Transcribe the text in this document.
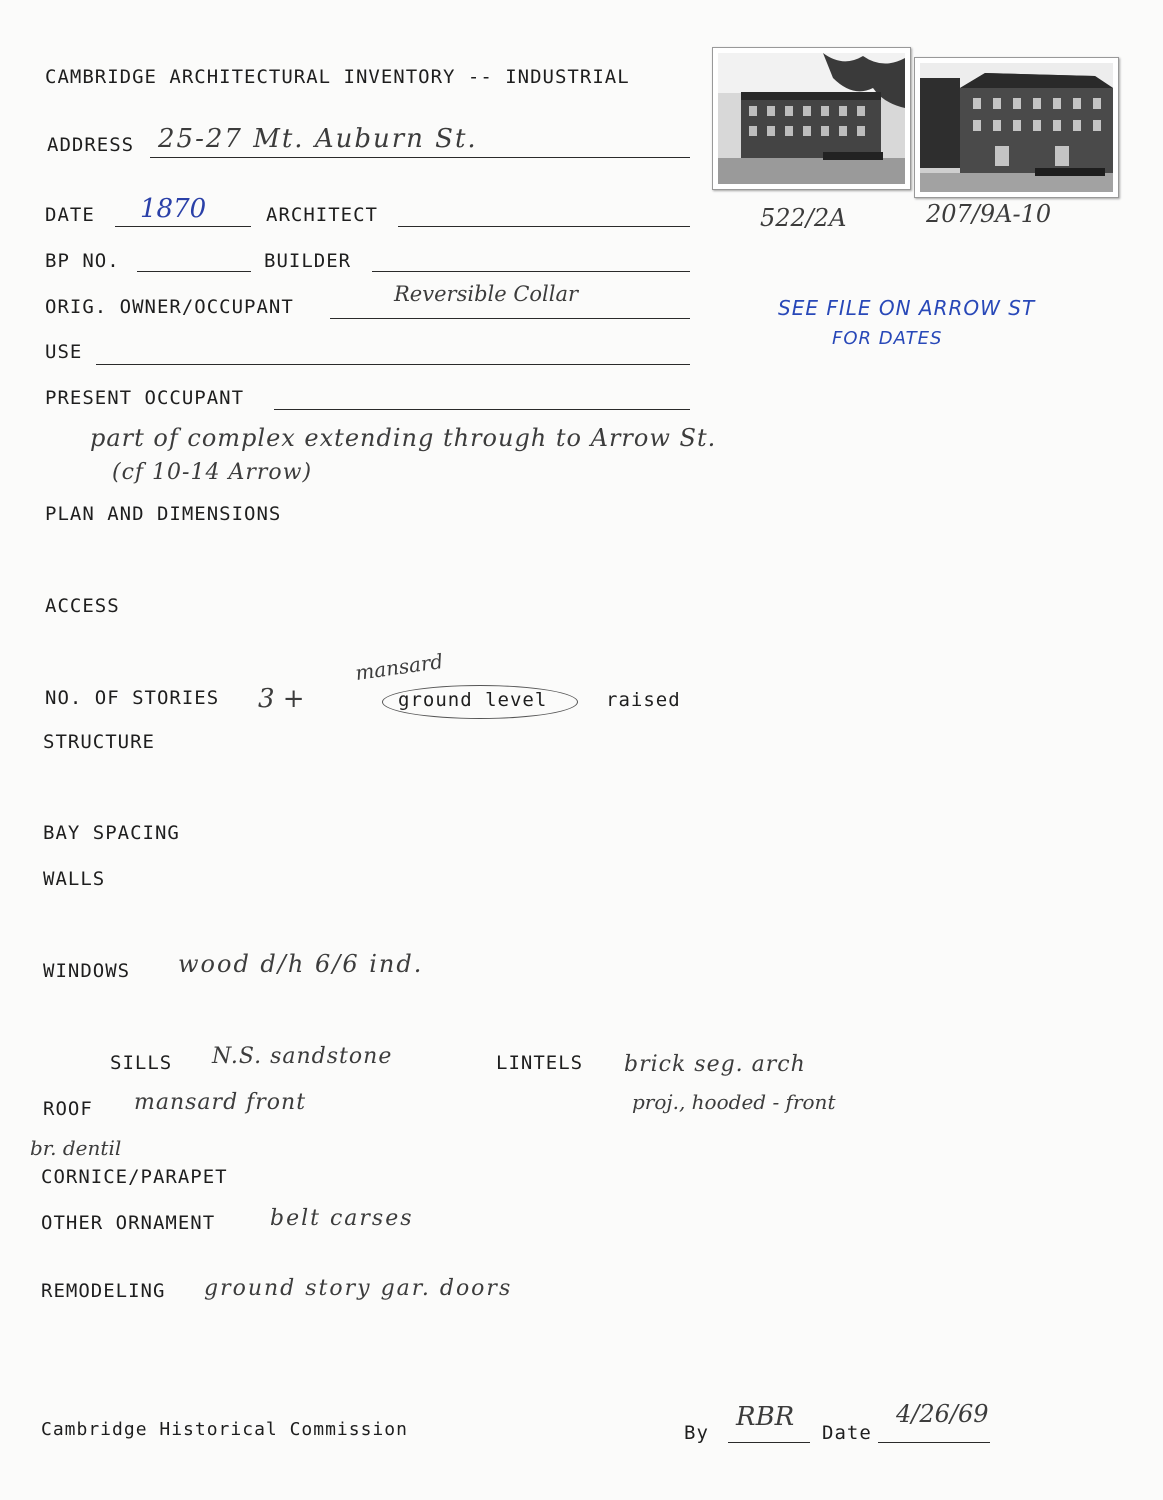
CAMBRIDGE ARCHITECTURAL INVENTORY -- INDUSTRIAL
ADDRESS 25-27 Mt. Auburn St.
DATE 1870	ARCHITECT
BP NO.	BUILDER
ORIG. OWNER/OCCUPANT
Reversible Collar
USE
PRESENT OCCUPANT
part of complex extending through to Arrow St.
(cf 10-14 Arrow)
PLAN AND DIMENSIONS
ACCESS
NO. OF STORIES 3 +
mansard
ground level	raised
STRUCTURE
BAY SPACING
WALLS
WINDOWS wood d/h 6/6 ind.
SILLS N.S. sandstone	LINTELS brick seg. arch
proj., hooded - front
ROOF mansard front
br. dentil
CORNICE/PARAPET
OTHER ORNAMENT belt carses
REMODELING ground story gar. doors
Cambridge Historical Commission	By
RBR
Date
4/26/69
522/2A	207/9A-10
SEE FILE ON ARROW ST
FOR DATES
